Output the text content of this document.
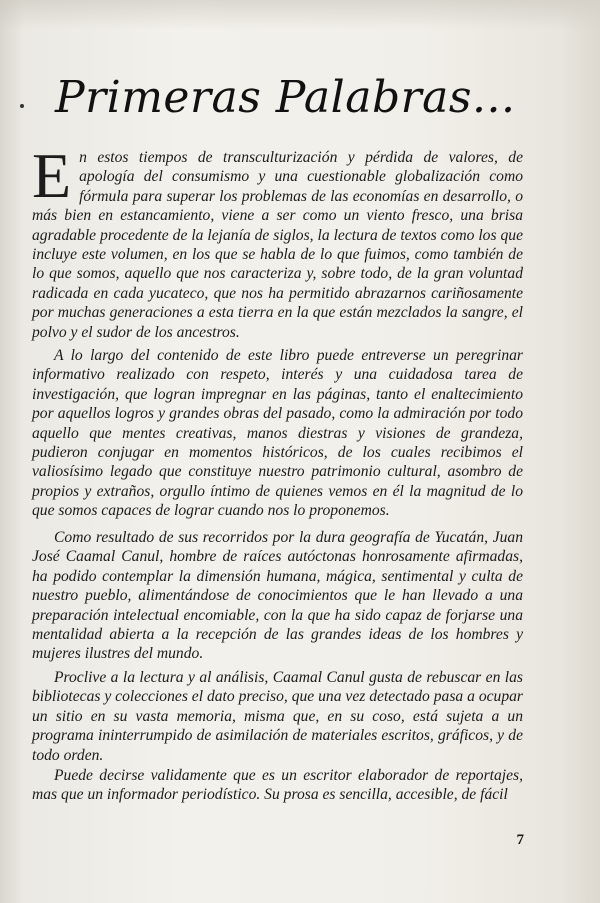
Primeras Palabras...

En estos tiempos de transculturización y pérdida de valores, de apología del consumismo y una cuestionable globalización como fórmula para superar los problemas de las economías en desarrollo, o más bien en estancamiento, viene a ser como un viento fresco, una brisa agradable procedente de la lejanía de siglos, la lectura de textos como los que incluye este volumen, en los que se habla de lo que fuimos, como también de lo que somos, aquello que nos caracteriza y, sobre todo, de la gran voluntad radicada en cada yucateco, que nos ha permitido abrazarnos cariñosamente por muchas generaciones a esta tierra en la que están mezclados la sangre, el polvo y el sudor de los ancestros.

A lo largo del contenido de este libro puede entreverse un peregrinar informativo realizado con respeto, interés y una cuidadosa tarea de investigación, que logran impregnar en las páginas, tanto el enaltecimiento por aquellos logros y grandes obras del pasado, como la admiración por todo aquello que mentes creativas, manos diestras y visiones de grandeza, pudieron conjugar en momentos históricos, de los cuales recibimos el valiosísimo legado que constituye nuestro patrimonio cultural, asombro de propios y extraños, orgullo íntimo de quienes vemos en él la magnitud de lo que somos capaces de lograr cuando nos lo proponemos.

Como resultado de sus recorridos por la dura geografía de Yucatán, Juan José Caamal Canul, hombre de raíces autóctonas honrosamente afirmadas, ha podido contemplar la dimensión humana, mágica, sentimental y culta de nuestro pueblo, alimentándose de conocimientos que le han llevado a una preparación intelectual encomiable, con la que ha sido capaz de forjarse una mentalidad abierta a la recepción de las grandes ideas de los hombres y mujeres ilustres del mundo.

Proclive a la lectura y al análisis, Caamal Canul gusta de rebuscar en las bibliotecas y colecciones el dato preciso, que una vez detectado pasa a ocupar un sitio en su vasta memoria, misma que, en su coso, está sujeta a un programa ininterrumpido de asimilación de materiales escritos, gráficos, y de todo orden.

Puede decirse validamente que es un escritor elaborador de reportajes, mas que un informador periodístico. Su prosa es sencilla, accesible, de fácil

7
